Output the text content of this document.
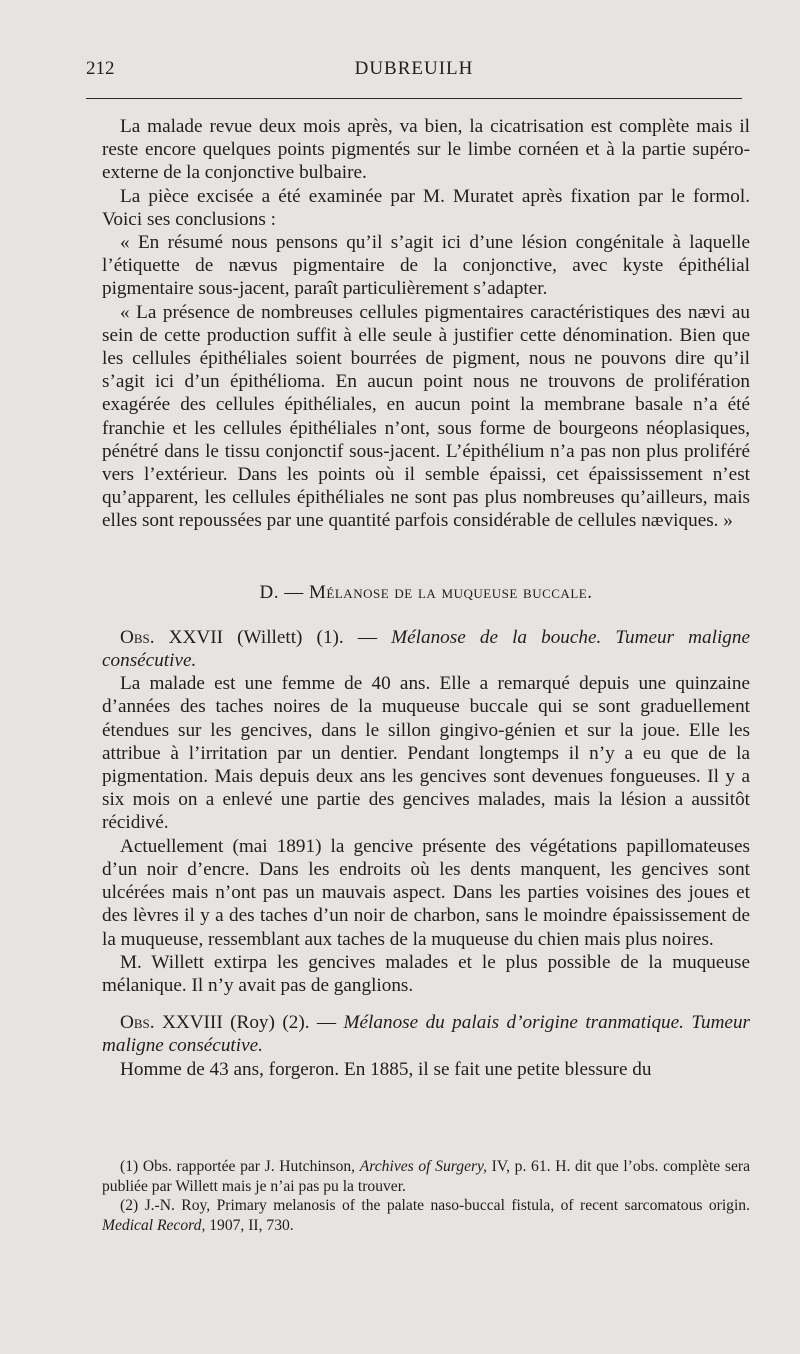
212	DUBREUILH

La malade revue deux mois après, va bien, la cicatrisation est complète mais il reste encore quelques points pigmentés sur le limbe cornéen et à la partie supéro-externe de la conjonctive bulbaire.

La pièce excisée a été examinée par M. Muratet après fixation par le formol. Voici ses conclusions :

« En résumé nous pensons qu’il s’agit ici d’une lésion congénitale à laquelle l’étiquette de nævus pigmentaire de la conjonctive, avec kyste épithélial pigmentaire sous-jacent, paraît particulièrement s’adapter.

« La présence de nombreuses cellules pigmentaires caractéristiques des nævi au sein de cette production suffit à elle seule à justifier cette dénomination. Bien que les cellules épithéliales soient bourrées de pigment, nous ne pouvons dire qu’il s’agit ici d’un épithélioma. En aucun point nous ne trouvons de prolifération exagérée des cellules épithéliales, en aucun point la membrane basale n’a été franchie et les cellules épithéliales n’ont, sous forme de bourgeons néoplasiques, pénétré dans le tissu conjonctif sous-jacent. L’épithélium n’a pas non plus proliféré vers l’extérieur. Dans les points où il semble épaissi, cet épaississement n’est qu’apparent, les cellules épithéliales ne sont pas plus nombreuses qu’ailleurs, mais elles sont repoussées par une quantité parfois considérable de cellules næviques. »

D. — Mélanose de la muqueuse buccale.

Obs. XXVII (Willett) (1). — Mélanose de la bouche. Tumeur maligne consécutive.

La malade est une femme de 40 ans. Elle a remarqué depuis une quinzaine d’années des taches noires de la muqueuse buccale qui se sont graduellement étendues sur les gencives, dans le sillon gingivo-génien et sur la joue. Elle les attribue à l’irritation par un dentier. Pendant longtemps il n’y a eu que de la pigmentation. Mais depuis deux ans les gencives sont devenues fongueuses. Il y a six mois on a enlevé une partie des gencives malades, mais la lésion a aussitôt récidivé.

Actuellement (mai 1891) la gencive présente des végétations papillomateuses d’un noir d’encre. Dans les endroits où les dents manquent, les gencives sont ulcérées mais n’ont pas un mauvais aspect. Dans les parties voisines des joues et des lèvres il y a des taches d’un noir de charbon, sans le moindre épaississement de la muqueuse, ressemblant aux taches de la muqueuse du chien mais plus noires.

M. Willett extirpa les gencives malades et le plus possible de la muqueuse mélanique. Il n’y avait pas de ganglions.

Obs. XXVIII (Roy) (2). — Mélanose du palais d’origine tranmatique. Tumeur maligne consécutive.

Homme de 43 ans, forgeron. En 1885, il se fait une petite blessure du

(1) Obs. rapportée par J. Hutchinson, Archives of Surgery, IV, p. 61. H. dit que l’obs. complète sera publiée par Willett mais je n’ai pas pu la trouver.

(2) J.-N. Roy, Primary melanosis of the palate naso-buccal fistula, of recent sarcomatous origin. Medical Record, 1907, II, 730.
